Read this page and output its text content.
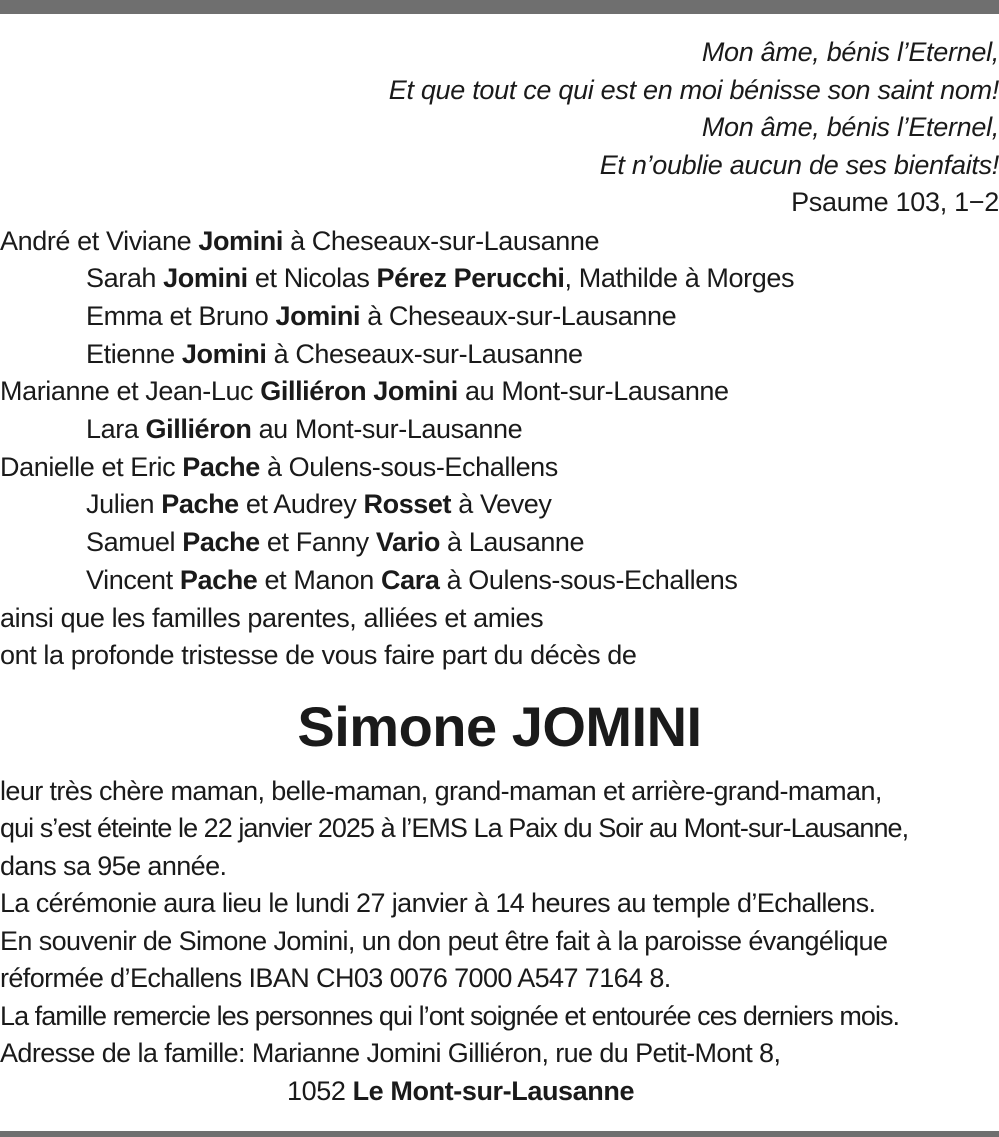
Mon âme, bénis l’Eternel,
Et que tout ce qui est en moi bénisse son saint nom!
Mon âme, bénis l’Eternel,
Et n’oublie aucun de ses bienfaits!
Psaume 103, 1−2
André et Viviane Jomini à Cheseaux-sur-Lausanne
Sarah Jomini et Nicolas Pérez Perucchi, Mathilde à Morges
Emma et Bruno Jomini à Cheseaux-sur-Lausanne
Etienne Jomini à Cheseaux-sur-Lausanne
Marianne et Jean-Luc Gilliéron Jomini au Mont-sur-Lausanne
Lara Gilliéron au Mont-sur-Lausanne
Danielle et Eric Pache à Oulens-sous-Echallens
Julien Pache et Audrey Rosset à Vevey
Samuel Pache et Fanny Vario à Lausanne
Vincent Pache et Manon Cara à Oulens-sous-Echallens
ainsi que les familles parentes, alliées et amies
ont la profonde tristesse de vous faire part du décès de
Simone JOMINI
leur très chère maman, belle-maman, grand-maman et arrière-grand-maman,
qui s’est éteinte le 22 janvier 2025 à l’EMS La Paix du Soir au Mont-sur-Lausanne,
dans sa 95e année.
La cérémonie aura lieu le lundi 27 janvier à 14 heures au temple d’Echallens.
En souvenir de Simone Jomini, un don peut être fait à la paroisse évangélique
réformée d’Echallens IBAN CH03 0076 7000 A547 7164 8.
La famille remercie les personnes qui l’ont soignée et entourée ces derniers mois.
Adresse de la famille: Marianne Jomini Gilliéron, rue du Petit-Mont 8,
1052 Le Mont-sur-Lausanne
